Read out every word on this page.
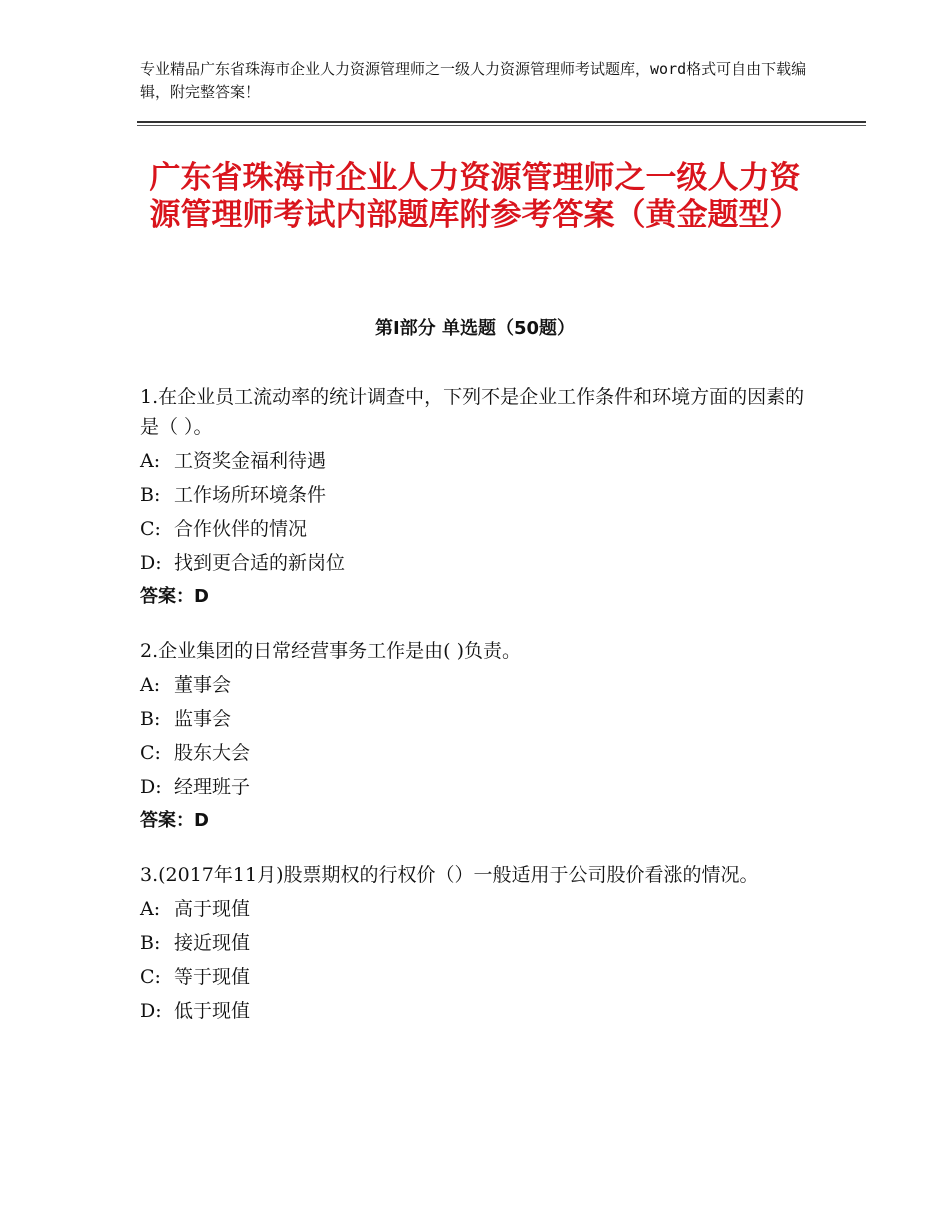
专业精品广东省珠海市企业人力资源管理师之一级人力资源管理师考试题库，word格式可自由下载编辑，附完整答案！
广东省珠海市企业人力资源管理师之一级人力资源管理师考试内部题库附参考答案（黄金题型）
第Ⅰ部分 单选题（50题）
1.在企业员工流动率的统计调查中，下列不是企业工作条件和环境方面的因素的是（ ）。
A: 工资奖金福利待遇
B: 工作场所环境条件
C: 合作伙伴的情况
D: 找到更合适的新岗位
答案：D
2.企业集团的日常经营事务工作是由( )负责。
A: 董事会
B: 监事会
C: 股东大会
D: 经理班子
答案：D
3.(2017年11月)股票期权的行权价（）一般适用于公司股价看涨的情况。
A: 高于现值
B: 接近现值
C: 等于现值
D: 低于现值
